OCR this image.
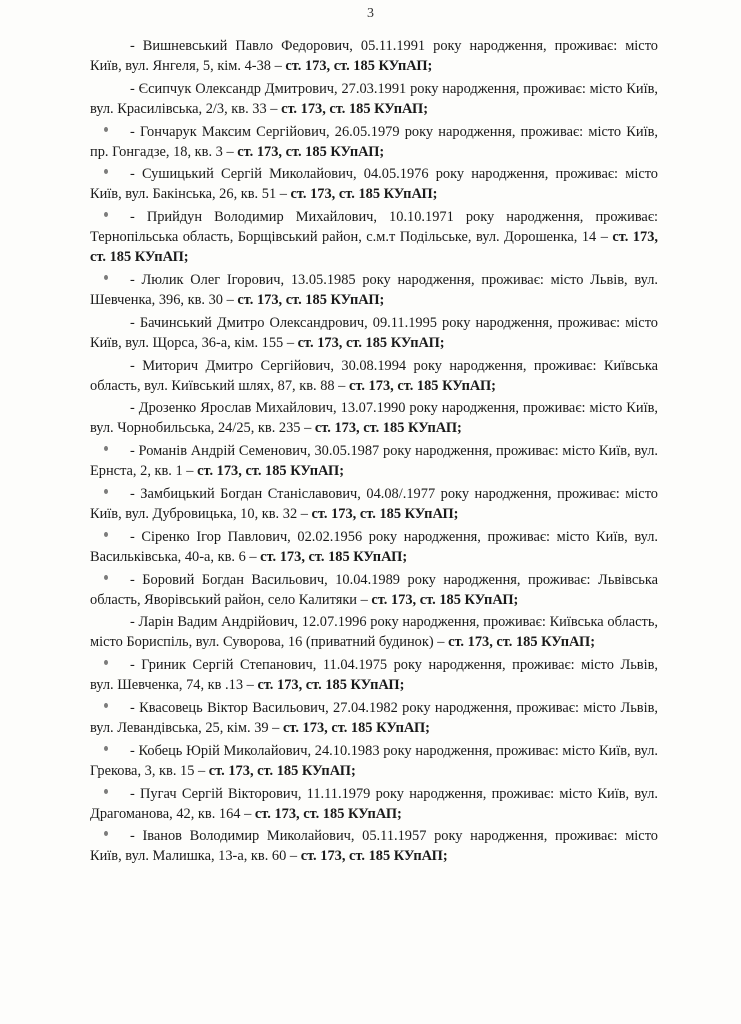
3

- Вишневський Павло Федорович, 05.11.1991 року народження, проживає: місто Київ, вул. Янгеля, 5, кім. 4-38 – ст. 173, ст. 185 КУпАП;

- Єсипчук Олександр Дмитрович, 27.03.1991 року народження, проживає: місто Київ, вул. Красилівська, 2/3, кв. 33 – ст. 173, ст. 185 КУпАП;

- Гончарук Максим Сергійович, 26.05.1979 року народження, проживає: місто Київ, пр. Гонгадзе, 18, кв. 3 – ст. 173, ст. 185 КУпАП;

- Сушицький Сергій Миколайович, 04.05.1976 року народження, проживає: місто Київ, вул. Бакінська, 26, кв. 51 – ст. 173, ст. 185 КУпАП;

- Прийдун Володимир Михайлович, 10.10.1971 року народження, проживає: Тернопільська область, Борщівський район, с.м.т Подільське, вул. Дорошенка, 14 – ст. 173, ст. 185 КУпАП;

- Люлик Олег Ігорович, 13.05.1985 року народження, проживає: місто Львів, вул. Шевченка, 396, кв. 30 – ст. 173, ст. 185 КУпАП;

- Бачинський Дмитро Олександрович, 09.11.1995 року народження, проживає: місто Київ, вул. Щорса, 36-а, кім. 155 – ст. 173, ст. 185 КУпАП;

- Миторич Дмитро Сергійович, 30.08.1994 року народження, проживає: Київська область, вул. Київський шлях, 87, кв. 88 – ст. 173, ст. 185 КУпАП;

- Дрозенко Ярослав Михайлович, 13.07.1990 року народження, проживає: місто Київ, вул. Чорнобильська, 24/25, кв. 235 – ст. 173, ст. 185 КУпАП;

- Романів Андрій Семенович, 30.05.1987 року народження, проживає: місто Київ, вул. Ернста, 2, кв. 1 – ст. 173, ст. 185 КУпАП;

- Замбицький Богдан Станіславович, 04.08/.1977 року народження, проживає: місто Київ, вул. Дубровицька, 10, кв. 32 – ст. 173, ст. 185 КУпАП;

- Сіренко Ігор Павлович, 02.02.1956 року народження, проживає: місто Київ, вул. Васильківська, 40-а, кв. 6 – ст. 173, ст. 185 КУпАП;

- Боровий Богдан Васильович, 10.04.1989 року народження, проживає: Львівська область, Яворівський район, село Калитяки – ст. 173, ст. 185 КУпАП;

- Ларін Вадим Андрійович, 12.07.1996 року народження, проживає: Київська область, місто Бориспіль, вул. Суворова, 16 (приватний будинок) – ст. 173, ст. 185 КУпАП;

- Гриник Сергій Степанович, 11.04.1975 року народження, проживає: місто Львів, вул. Шевченка, 74, кв .13 – ст. 173, ст. 185 КУпАП;

- Квасовець Віктор Васильович, 27.04.1982 року народження, проживає: місто Львів, вул. Левандівська, 25, кім. 39 – ст. 173, ст. 185 КУпАП;

- Кобець Юрій Миколайович, 24.10.1983 року народження, проживає: місто Київ, вул. Грекова, 3, кв. 15 – ст. 173, ст. 185 КУпАП;

- Пугач Сергій Вікторович, 11.11.1979 року народження, проживає: місто Київ, вул. Драгоманова, 42, кв. 164 – ст. 173, ст. 185 КУпАП;

- Іванов Володимир Миколайович, 05.11.1957 року народження, проживає: місто Київ, вул. Малишка, 13-а, кв. 60 – ст. 173, ст. 185 КУпАП;
